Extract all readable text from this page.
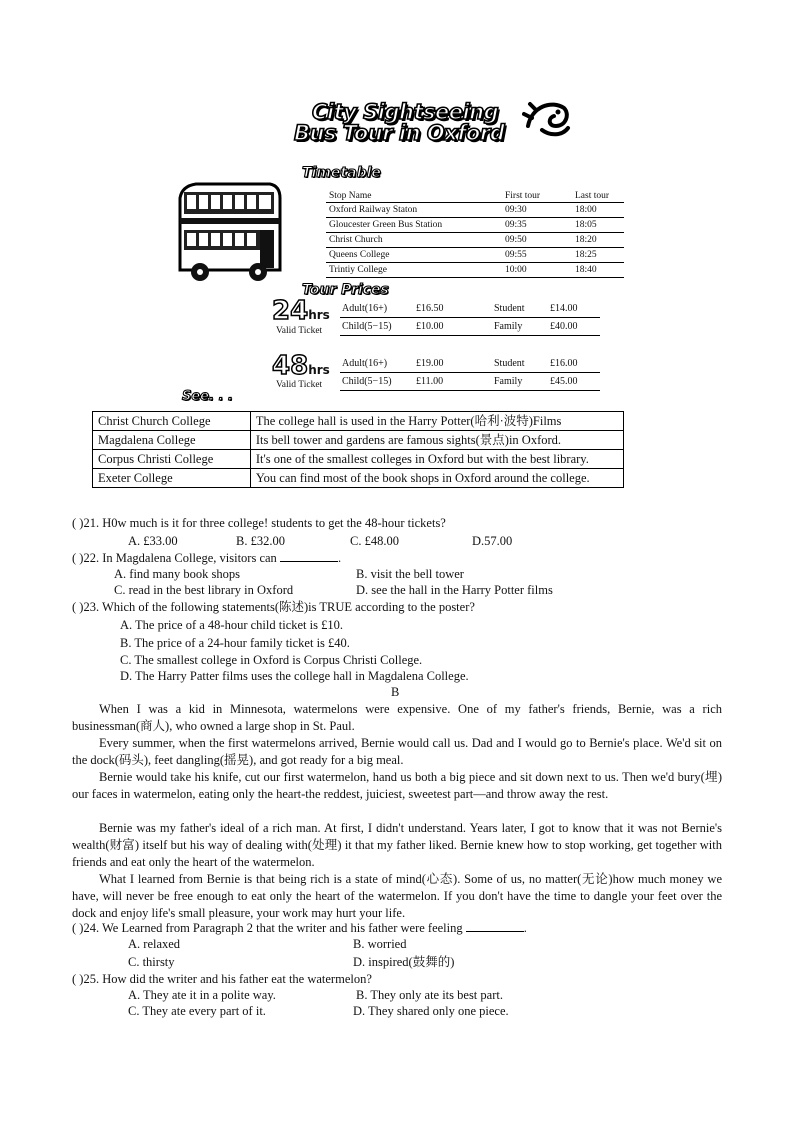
City Sightseeing
Bus Tour in Oxford
Timetable
Stop Name	First tour	Last tour
Oxford Railway Staton	09:30	18:00
Gloucester Green Bus Station	09:35	18:05
Christ Church	09:50	18:20
Queens College	09:55	18:25
Trintiy College	10:00	18:40
Tour Prices
24hrs
Valid Ticket
Adult(16+)	£16.50	Student	£14.00
Child(5−15) £10.00	Family	£40.00
48hrs
Valid Ticket
Adult(16+)	£19.00	Student	£16.00
Child(5−15) £11.00	Family	£45.00
See. . .
Christ Church College	The college hall is used in the Harry Potter(哈利·波特)Films
Magdalena College	Its bell tower and gardens are famous sights(景点)in Oxford.
Corpus Christi College	It's one of the smallest colleges in Oxford but with the best library.
Exeter College	You can find most of the book shops in Oxford around the college.
( )21. H0w much is it for three college! students to get the 48-hour tickets?
A. £33.00	B. £32.00	C. £48.00	D.57.00
( )22. In Magdalena College, visitors can	.
A. find many book shops	B. visit the bell tower
C. read in the best library in Oxford	D. see the hall in the Harry Potter films
( )23. Which of the following statements(陈述)is TRUE according to the poster?
A. The price of a 48-hour child ticket is £10.
B. The price of a 24-hour family ticket is £40.
C. The smallest college in Oxford is Corpus Christi College.
D. The Harry Patter films uses the college hall in Magdalena College.
B
When I was a kid in Minnesota, watermelons were expensive. One of my father's friends, Bernie, was a rich businessman(商人), who owned a large shop in St. Paul.
Every summer, when the first watermelons arrived, Bernie would call us. Dad and I would go to Bernie's place. We'd sit on the dock(码头), feet dangling(摇晃), and got ready for a big meal.
Bernie would take his knife, cut our first watermelon, hand us both a big piece and sit down next to us. Then we'd bury(埋) our faces in watermelon, eating only the heart-the reddest, juiciest, sweetest part—and throw away the rest.
Bernie was my father's ideal of a rich man. At first, I didn't understand. Years later, I got to know that it was not Bernie's wealth(财富) itself but his way of dealing with(处理) it that my father liked. Bernie knew how to stop working, get together with friends and eat only the heart of the watermelon.
What I learned from Bernie is that being rich is a state of mind(心态). Some of us, no matter(无论)how much money we have, will never be free enough to eat only the heart of the watermelon. If you don't have the time to dangle your feet over the dock and enjoy life's small pleasure, your work may hurt your life.
( )24. We Learned from Paragraph 2 that the writer and his father were feeling	.
A. relaxed	B. worried
C. thirsty	D. inspired(鼓舞的)
( )25. How did the writer and his father eat the watermelon?
A. They ate it in a polite way.	B. They only ate its best part.
C. They ate every part of it.	D. They shared only one piece.
